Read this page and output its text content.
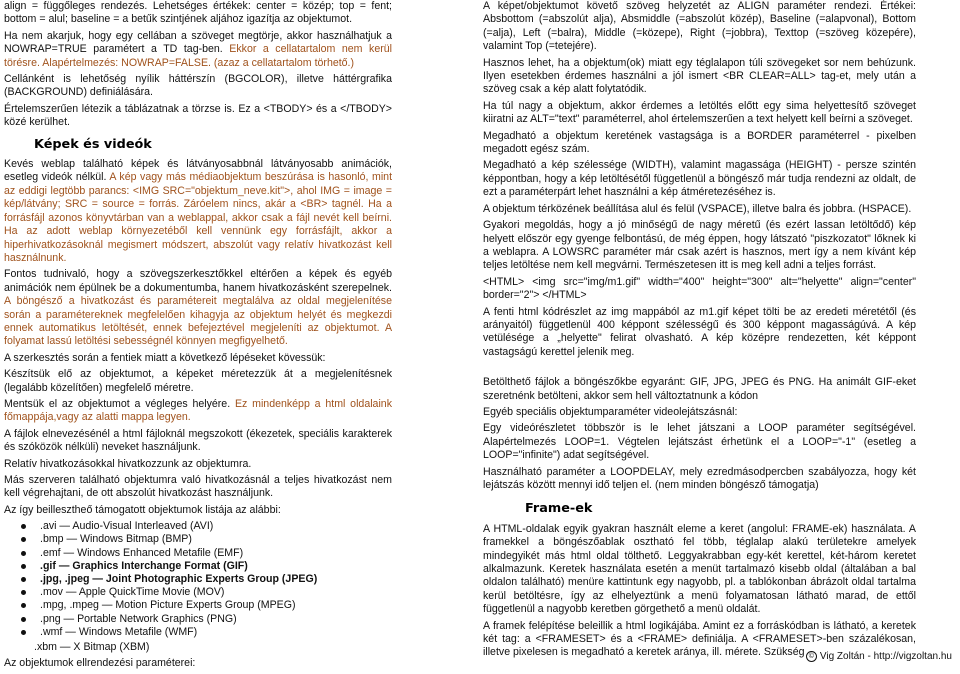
align = függőleges rendezés. Lehetséges értékek: center = közép; top = fent; bottom = alul; baseline = a betűk szintjének aljához igazítja az objektumot.

Ha nem akarjuk, hogy egy cellában a szöveget megtörje, akkor használhatjuk a NOWRAP=TRUE paramétert a TD tag-ben. Ekkor a cellatartalom nem kerül törésre. Alapértelmezés: NOWRAP=FALSE. (azaz a cellatartalom törhető.)

Cellánként is lehetőség nyílik háttérszín (BGCOLOR), illetve háttérgrafika (BACKGROUND) definiálására.

Értelemszerűen létezik a táblázatnak a törzse is. Ez a <TBODY> és a </TBODY> közé kerülhet.

Képek és videók

Kevés weblap található képek és látványosabbnál látványosabb animációk, esetleg videók nélkül. A kép vagy más médiaobjektum beszúrása is hasonló, mint az eddigi legtöbb parancs: <IMG SRC="objektum_neve.kit">, ahol IMG = image = kép/látvány; SRC = source = forrás. Záróelem nincs, akár a <BR> tagnél. Ha a forrásfájl azonos könyvtárban van a weblappal, akkor csak a fájl nevét kell beírni. Ha az adott weblap környezetéből kell vennünk egy forrásfájlt, akkor a hiperhivatkozásoknál megismert módszert, abszolút vagy relatív hivatkozást kell használnunk.

Fontos tudnivaló, hogy a szövegszerkesztőkkel eltérően a képek és egyéb animációk nem épülnek be a dokumentumba, hanem hivatkozásként szerepelnek. A böngésző a hivatkozást és paramétereit megtalálva az oldal megjelenítése során a paramétereknek megfelelően kihagyja az objektum helyét és megkezdi ennek automatikus letöltését, ennek befejeztével megjeleníti az objektumot. A folyamat lassú letöltési sebességnél könnyen megfigyelhető.

A szerkesztés során a fentiek miatt a következő lépéseket kövessük:

Készítsük elő az objektumot, a képeket méretezzük át a megjelenítésnek (legalább közelítően) megfelelő méretre.

Mentsük el az objektumot a végleges helyére. Ez mindenképp a html oldalaink főmappája,vagy az alatti mappa legyen.

A fájlok elnevezésénél a html fájloknál megszokott (ékezetek, speciális karakterek és szóközök nélküli) neveket használjunk.

Relatív hivatkozásokkal hivatkozzunk az objektumra.

Más szerveren található objektumra való hivatkozásnál a teljes hivatkozást nem kell végrehajtani, de ott abszolút hivatkozást használjunk.

Az így beillesztheő támogatott objektumok listája az alábbi:

.avi — Audio-Visual Interleaved (AVI)
.bmp — Windows Bitmap (BMP)
.emf — Windows Enhanced Metafile (EMF)
.gif — Graphics Interchange Format (GIF)
.jpg, .jpeg — Joint Photographic Experts Group (JPEG)
.mov — Apple QuickTime Movie (MOV)
.mpg, .mpeg — Motion Picture Experts Group (MPEG)
.png — Portable Network Graphics (PNG)
.wmf — Windows Metafile (WMF)

.xbm — X Bitmap (XBM)

Az objektumok ellrendezési paraméterei:

A képet/objektumot követő szöveg helyzetét az ALIGN paraméter rendezi. Értékei: Absbottom (=abszolút alja), Absmiddle (=abszolút közép), Baseline (=alapvonal), Bottom (=alja), Left (=balra), Middle (=közepe), Right (=jobbra), Texttop (=szöveg közepére), valamint Top (=tetejére).

Hasznos lehet, ha a objektum(ok) miatt egy téglalapon túli szövegeket sor nem behúzunk. Ilyen esetekben érdemes használni a jól ismert <BR CLEAR=ALL> tag-et, mely után a szöveg csak a kép alatt folytatódik.

Ha túl nagy a objektum, akkor érdemes a letöltés előtt egy sima helyettesítő szöveget kiiratni az ALT="text" paraméterrel, ahol értelemszerűen a text helyett kell beírni a szöveget.

Megadható a objektum keretének vastagsága is a BORDER paraméterrel - pixelben megadott egész szám.

Megadható a kép szélessége (WIDTH), valamint magassága (HEIGHT) - persze szintén képpontban, hogy a kép letöltésétől függetlenül a böngésző már tudja rendezni az oldalt, de ezt a paraméterpárt lehet használni a kép átméretezéséhez is.

A objektum térközének beállítása alul és felül (VSPACE), illetve balra és jobbra. (HSPACE).

Gyakori megoldás, hogy a jó minőségű de nagy méretű (és ezért lassan letöltődő) kép helyett először egy gyenge felbontású, de még éppen, hogy látszató "piszkozatot" lőknek ki a weblapra. A LOWSRC paraméter már csak azért is hasznos, mert így a nem kívánt kép teljes letöltése nem kell megvárni. Természetesen itt is meg kell adni a teljes forrást.

<HTML> <img src="img/m1.gif" width="400" height="300" alt="helyette" align="center" border="2"> </HTML>

A fenti html kódrészlet az img mappából az m1.gif képet tölti be az eredeti méretétől (és arányaitól) függetlenül 400 képpont szélességű és 300 képpont magasságúvá. A kép vetülésége a „helyette" felirat olvasható. A kép középre rendezetten, két képpont vastagságú kerettel jelenik meg.

Betölthető fájlok a böngészőkbe egyaránt: GIF, JPG, JPEG és PNG. Ha animált GIF-eket szeretnénk betölteni, akkor sem hell változtatnunk a kódon

Egyéb speciális objektumparaméter videolejátszásnál:

Egy videórészletet többször is le lehet játszani a LOOP paraméter segítségével. Alapértelmezés LOOP=1. Végtelen lejátszást érhetünk el a LOOP="-1" (esetleg a LOOP="infinite") adat segítségével.

Használható paraméter a LOOPDELAY, mely ezredmásodpercben szabályozza, hogy két lejátszás között mennyi idő teljen el. (nem minden böngésző támogatja)

Frame-ek

A HTML-oldalak egyik gyakran használt eleme a keret (angolul: FRAME-ek) használata. A framekkel a böngészőablak osztható fel több, téglalap alakú területekre amelyek mindegyikét más html oldal tölthető. Leggyakrabban egy-két kerettel, két-három keretet alkalmazunk. Keretek használata esetén a menüt tartalmazó kisebb oldal (általában a bal oldalon található) menüre kattintunk egy nagyobb, pl. a tablókonban ábrázolt oldal tartalma kerül betöltésre, így az elhelyeztünk a menü folyamatosan látható marad, de ettől függetlenül a nagyobb keretben görgethető a menü oldalát.

A framek felépítése beleillik a html logikájába. Amint ez a forráskódban is látható, a keretek két tag: a <FRAMESET> és a <FRAME> definiálja. A <FRAMESET>-ben százalékosan, illetve pixelesen is megadható a keretek aránya, ill. mérete. Szükség © Vig Zoltán - http://vigzoltan.hu
